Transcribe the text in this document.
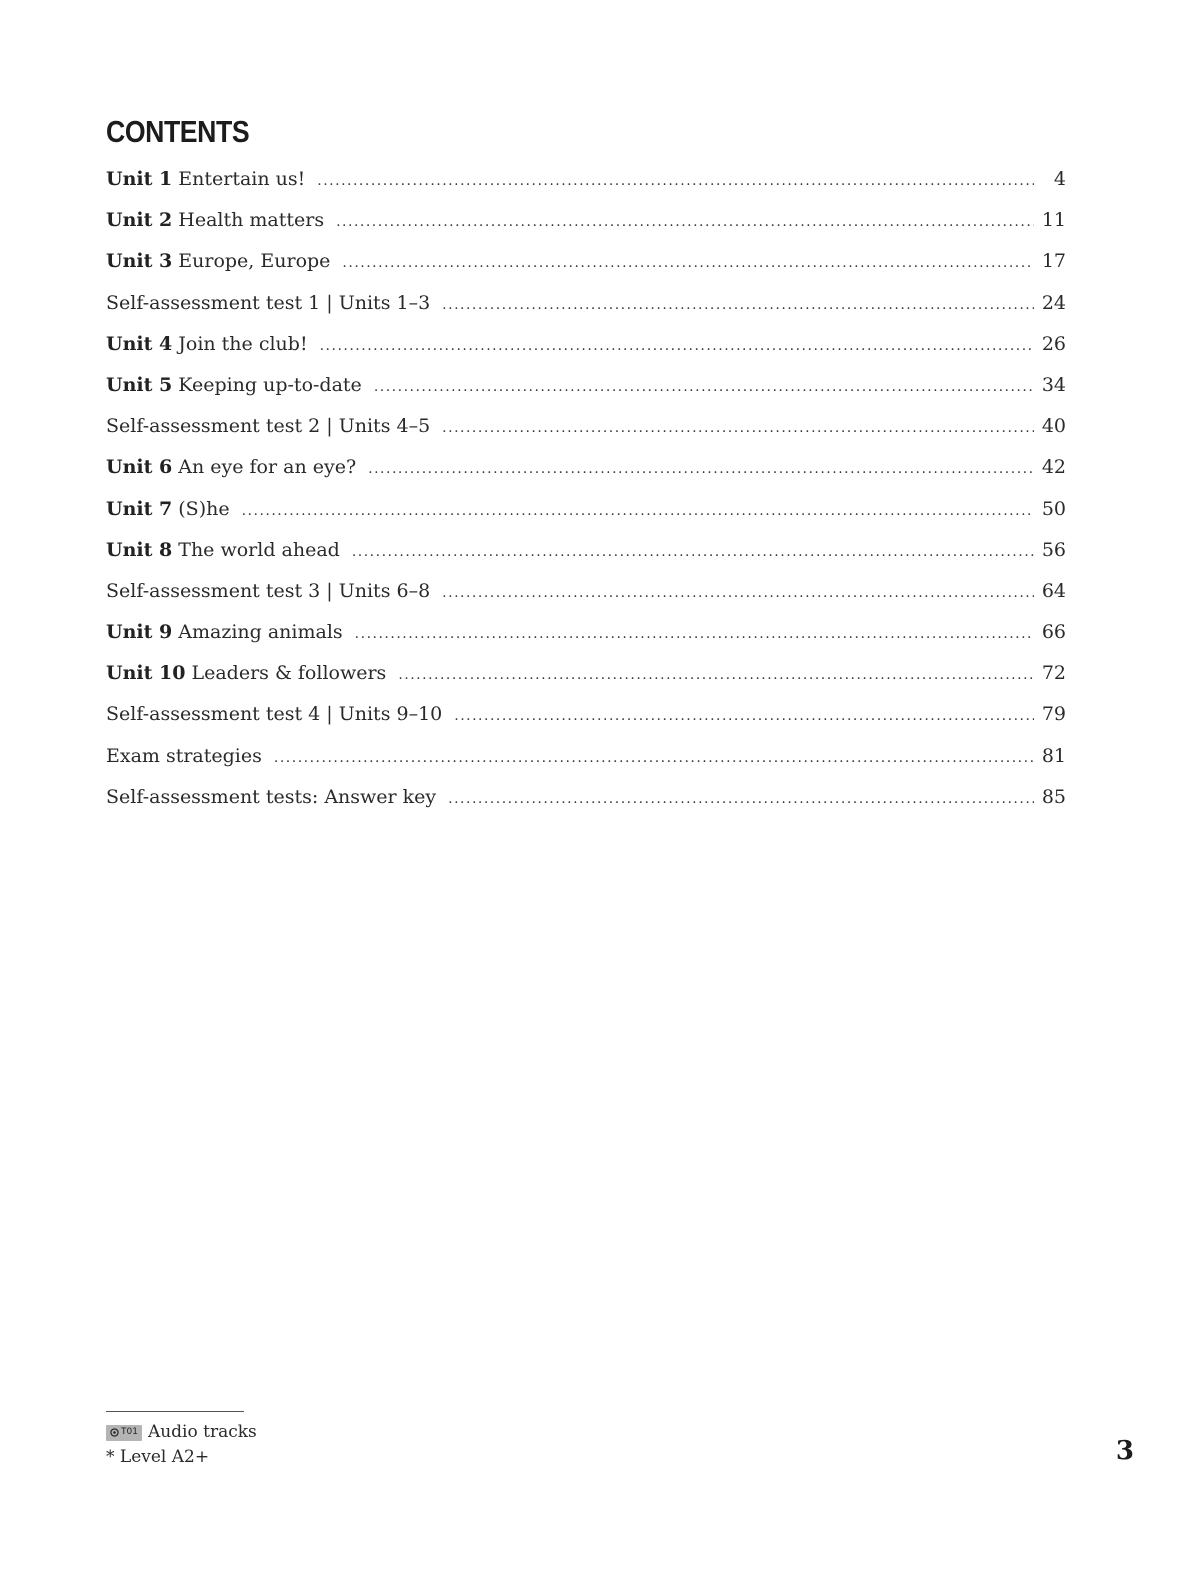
CONTENTS
Unit 1 Entertain us! .....	4
Unit 2 Health matters .....	11
Unit 3 Europe, Europe .....	17
Self-assessment test 1 | Units 1–3 .....	24
Unit 4 Join the club! .....	26
Unit 5 Keeping up-to-date .....	34
Self-assessment test 2 | Units 4–5 .....	40
Unit 6 An eye for an eye? .....	42
Unit 7 (S)he .....	50
Unit 8 The world ahead .....	56
Self-assessment test 3 | Units 6–8 .....	64
Unit 9 Amazing animals .....	66
Unit 10 Leaders & followers .....	72
Self-assessment test 4 | Units 9–10 .....	79
Exam strategies .....	81
Self-assessment tests: Answer key .....	85
T01 Audio tracks
* Level A2+	3
